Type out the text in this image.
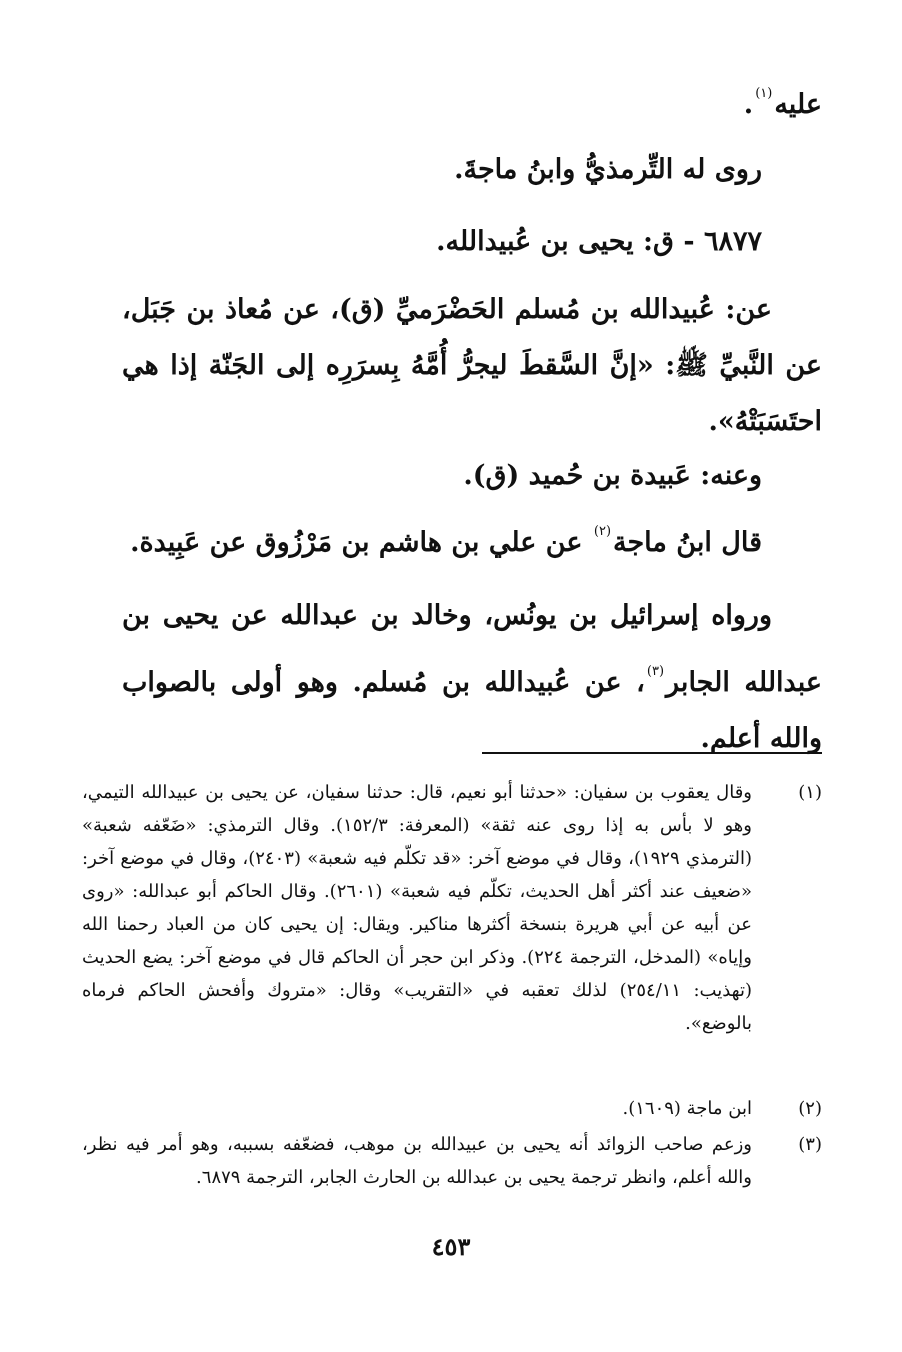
عليه$^{(١)}$.
روى له التِّرمذيُّ وابنُ ماجةَ.
٦٨٧٧ - ق: يحيى بن عُبيدالله.
عن: عُبيدالله بن مُسلم الحَضْرَميِّ (ق)، عن مُعاذ بن جَبَل، عن النَّبيِّ ﷺ: «إنَّ السَّقطَ ليجرُّ أُمَّهُ بِسرَرِه إلى الجَنّة إذا هي احتَسَبَتْهُ».
وعنه: عَبيدة بن حُميد (ق).
قال ابنُ ماجة$^{(٢)}$ عن علي بن هاشم بن مَرْزُوق عن عَبِيدة.
ورواه إسرائيل بن يونُس، وخالد بن عبدالله عن يحيى بن عبدالله الجابر$^{(٣)}$، عن عُبيدالله بن مُسلم. وهو أولى بالصواب والله أعلم.
(١)
وقال يعقوب بن سفيان: «حدثنا أبو نعيم، قال: حدثنا سفيان، عن يحيى بن عبيدالله التيمي، وهو لا بأس به إذا روى عنه ثقة» (المعرفة: ١٥٢/٣). وقال الترمذي: «ضَعّفه شعبة» (الترمذي ١٩٢٩)، وقال في موضع آخر: «قد تكلّم فيه شعبة» (٢٤٠٣)، وقال في موضع آخر: «ضعيف عند أكثر أهل الحديث، تكلّم فيه شعبة» (٢٦٠١). وقال الحاكم أبو عبدالله: «روى عن أبيه عن أبي هريرة بنسخة أكثرها مناكير. ويقال: إن يحيى كان من العباد رحمنا الله وإياه» (المدخل، الترجمة ٢٢٤). وذكر ابن حجر أن الحاكم قال في موضع آخر: يضع الحديث (تهذيب: ٢٥٤/١١) لذلك تعقبه في «التقريب» وقال: «متروك وأفحش الحاكم فرماه بالوضع».
(٢)
ابن ماجة (١٦٠٩).
(٣)
وزعم صاحب الزوائد أنه يحيى بن عبيدالله بن موهب، فضعّفه بسببه، وهو أمر فيه نظر، والله أعلم، وانظر ترجمة يحيى بن عبدالله بن الحارث الجابر، الترجمة ٦٨٧٩.
٤٥٣
